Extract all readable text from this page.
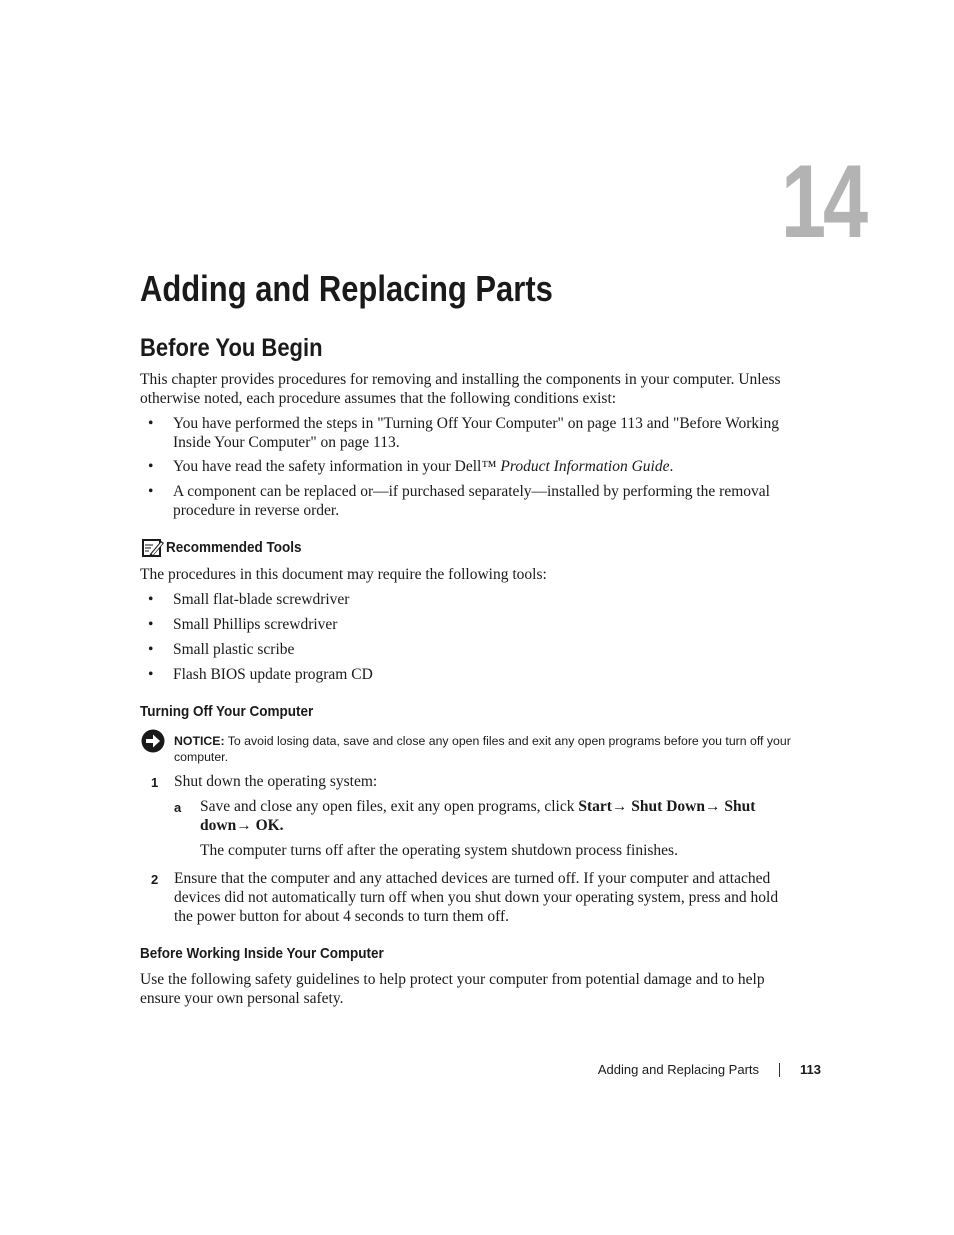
14
Adding and Replacing Parts
Before You Begin

This chapter provides procedures for removing and installing the components in your computer. Unless otherwise noted, each procedure assumes that the following conditions exist:

• You have performed the steps in "Turning Off Your Computer" on page 113 and "Before Working Inside Your Computer" on page 113.
• You have read the safety information in your Dell™ Product Information Guide.
• A component can be replaced or—if purchased separately—installed by performing the removal procedure in reverse order.
Recommended Tools

The procedures in this document may require the following tools:

• Small flat-blade screwdriver
• Small Phillips screwdriver
• Small plastic scribe
• Flash BIOS update program CD
Turning Off Your Computer
NOTICE: To avoid losing data, save and close any open files and exit any open programs before you turn off your computer.
1 Shut down the operating system:
a Save and close any open files, exit any open programs, click Start→ Shut Down→ Shut down→ OK.
The computer turns off after the operating system shutdown process finishes.
2 Ensure that the computer and any attached devices are turned off. If your computer and attached devices did not automatically turn off when you shut down your operating system, press and hold the power button for about 4 seconds to turn them off.
Before Working Inside Your Computer

Use the following safety guidelines to help protect your computer from potential damage and to help ensure your own personal safety.

Adding and Replacing Parts	113
